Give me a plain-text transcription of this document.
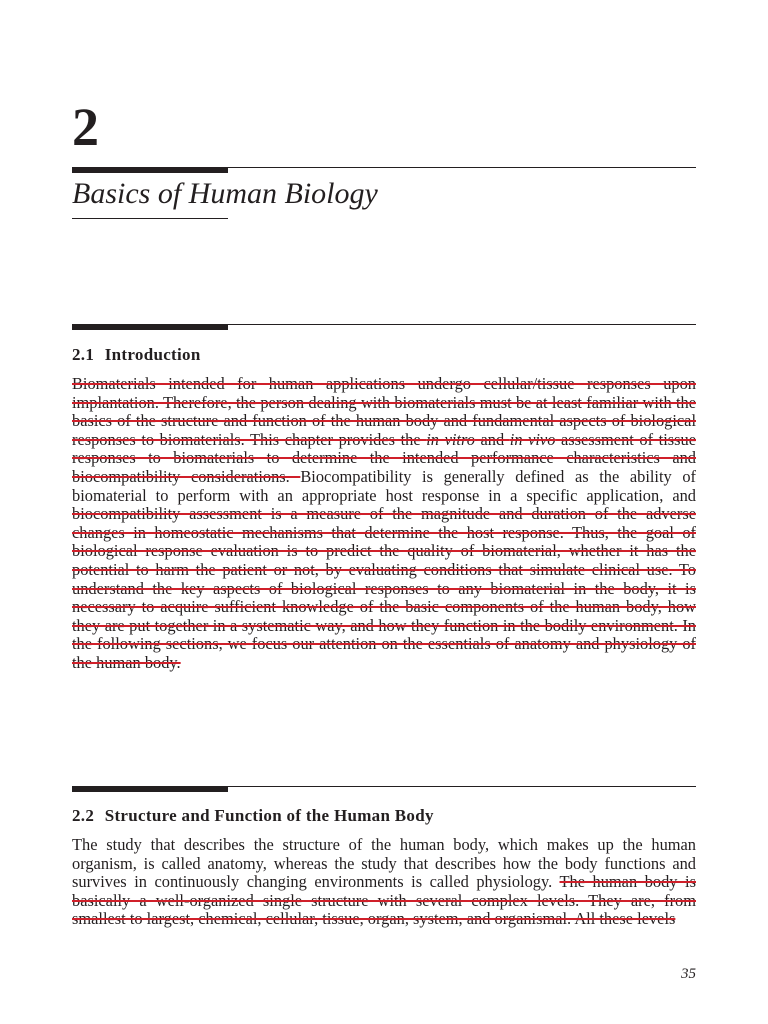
2
Basics of Human Biology
2.1 Introduction
Biomaterials intended for human applications undergo cellular/tissue responses upon implantation. Therefore, the person dealing with biomaterials must be at least familiar with the basics of the structure and function of the human body and fundamental aspects of biological responses to biomaterials. This chapter provides the in vitro and in vivo assessment of tissue responses to biomaterials to determine the intended performance characteristics and biocompatibility considerations. Biocompatibility is generally defined as the ability of biomaterial to perform with an appropriate host response in a specific application, and biocompatibility assessment is a measure of the magnitude and duration of the adverse changes in homeostatic mechanisms that determine the host response. Thus, the goal of biological response evaluation is to predict the quality of biomaterial, whether it has the potential to harm the patient or not, by evaluating conditions that simulate clinical use. To understand the key aspects of biological responses to any biomaterial in the body, it is necessary to acquire sufficient knowledge of the basic components of the human body, how they are put together in a systematic way, and how they function in the bodily environment. In the following sections, we focus our attention on the essentials of anatomy and physiology of the human body.
2.2 Structure and Function of the Human Body
The study that describes the structure of the human body, which makes up the human organism, is called anatomy, whereas the study that describes how the body functions and survives in continuously changing environments is called physiology. The human body is basically a well-organized single structure with several complex levels. They are, from smallest to largest, chemical, cellular, tissue, organ, system, and organismal. All these levels
35
